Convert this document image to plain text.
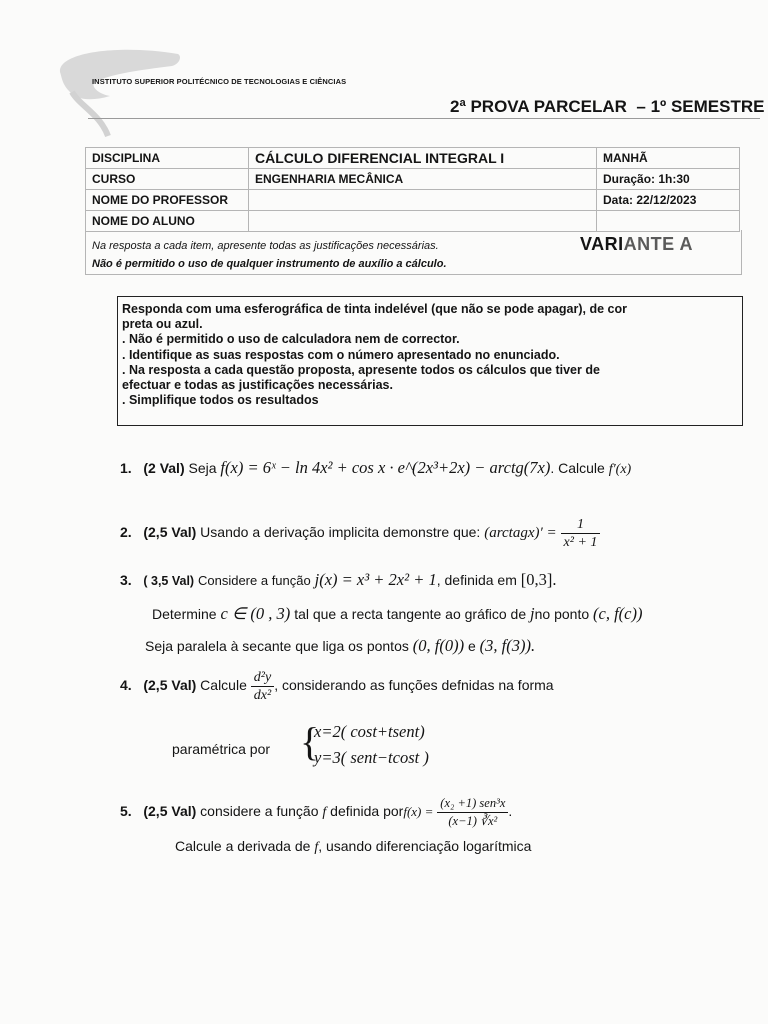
INSTITUTO SUPERIOR POLITÉCNICO DE TECNOLOGIAS E CIÊNCIAS
2ª PROVA PARCELAR  – 1º SEMESTRE
DISCIPLINA	CÁLCULO DIFERENCIAL INTEGRAL I	MANHÃ
CURSO	ENGENHARIA MECÂNICA	Duração: 1h:30
NOME DO PROFESSOR		Data: 22/12/2023
NOME DO ALUNO		
Na resposta a cada item, apresente todas as justificações necessárias.
Não é permitido o uso de qualquer instrumento de auxílio a cálculo.
VARIANTE A
Responda com uma esferográfica de tinta indelével (que não se pode apagar), de cor
preta ou azul.
. Não é permitido o uso de calculadora nem de corrector.
. Identifique as suas respostas com o número apresentado no enunciado.
. Na resposta a cada questão proposta, apresente todos os cálculos que tiver de
efectuar e todas as justificações necessárias.
. Simplifique todos os resultados
1. (2 Val) Seja f(x) = 6ˣ − ln 4x² + cos x · e^(2x³+2x) − arctg(7x). Calcule f′(x)
2. (2,5 Val) Usando a derivação implicita demonstre que: (arctagx)′ = $\frac{1}{\text{x² + 1}}$
3. ( 3,5 Val) Considere a função j(x) = x³ + 2x² + 1, definida em [0,3].
Determine c ∈ (0 , 3) tal que a recta tangente ao gráfico de jno ponto (c, f(c))
Seja paralela à secante que liga os pontos (0, f(0)) e (3, f(3)).
4. (2,5 Val) Calcule $\frac{\text{d²y}}{\text{dx²}}$ , considerando as funções defnidas na forma
paramétrica por {
x=2( cost+tsent)
y=3( sent−tcost )
5. (2,5 Val) considere a função f definida porf(x) = $\frac{\text{(x₂ +1) sen³x}}{\text{(x−1) ∛x²}}$ .
Calcule a derivada de f, usando diferenciação logarítmica
